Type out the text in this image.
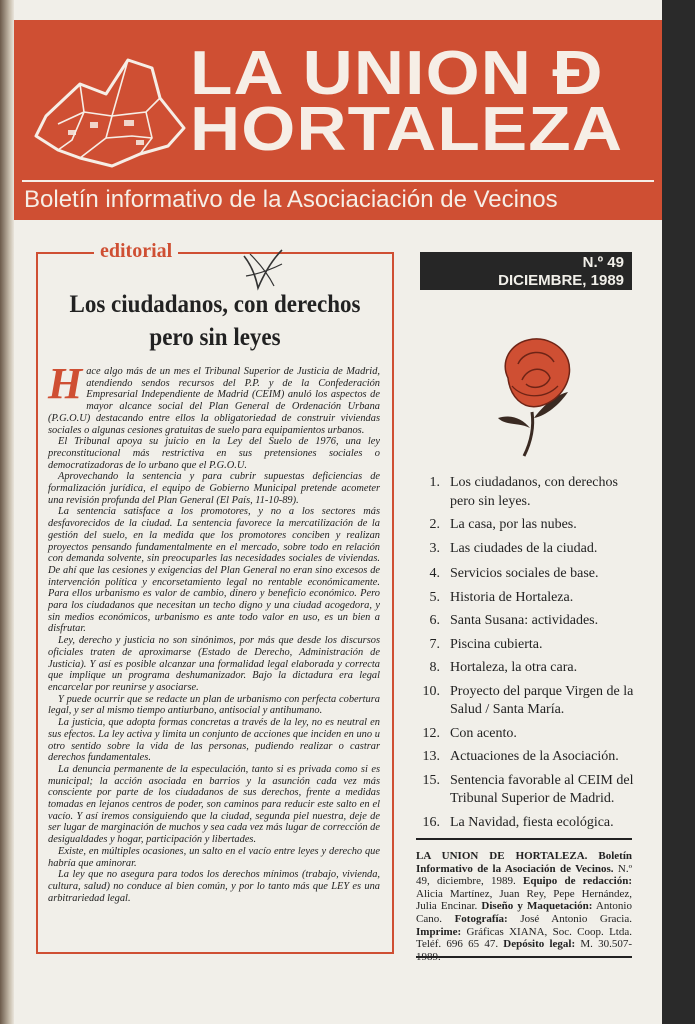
LA UNION Ð
HORTALEZA
Boletín informativo de la Asociaciación de Vecinos
editorial
Los ciudadanos, con derechos pero sin leyes

Hace algo más de un mes el Tribunal Superior de Justicia de Madrid, atendiendo sendos recursos del P.P. y de la Confederación Empresarial Independiente de Madrid (CEIM) anuló los aspectos de mayor alcance social del Plan General de Ordenación Urbana (P.G.O.U) destacando entre ellos la obligatoriedad de construir viviendas sociales o algunas cesiones gratuitas de suelo para equipamientos urbanos.

El Tribunal apoya su juicio en la Ley del Suelo de 1976, una ley preconstitucional más restrictiva en sus pretensiones sociales o democratizadoras de lo urbano que el P.G.O.U.

Aprovechando la sentencia y para cubrir supuestas deficiencias de formalización jurídica, el equipo de Gobierno Municipal pretende acometer una revisión profunda del Plan General (El País, 11-10-89).

La sentencia satisface a los promotores, y no a los sectores más desfavorecidos de la ciudad. La sentencia favorece la mercatilización de la gestión del suelo, en la medida que los promotores conciben y realizan proyectos pensando fundamentalmente en el mercado, sobre todo en relación con demanda solvente, sin preocuparles las necesidades sociales de viviendas. De ahí que las cesiones y exigencias del Plan General no eran sino excesos de intervención política y encorsetamiento legal no rentable económicamente. Para ellos urbanismo es valor de cambio, dinero y beneficio económico. Pero para los ciudadanos que necesitan un techo digno y una ciudad acogedora, y sin medios económicos, urbanismo es ante todo valor en uso, es un bien a disfrutar.

Ley, derecho y justicia no son sinónimos, por más que desde los discursos oficiales traten de aproximarse (Estado de Derecho, Administración de Justicia). Y así es posible alcanzar una formalidad legal elaborada y correcta que implique un programa deshumanizador. Bajo la dictadura era legal encarcelar por reunirse y asociarse.

Y puede ocurrir que se redacte un plan de urbanismo con perfecta cobertura legal, y ser al mismo tiempo antiurbano, antisocial y antihumano.

La justicia, que adopta formas concretas a través de la ley, no es neutral en sus efectos. La ley activa y limita un conjunto de acciones que inciden en uno u otro sentido sobre la vida de las personas, pudiendo realizar o castrar derechos fundamentales.

La denuncia permanente de la especulación, tanto si es privada como si es municipal; la acción asociada en barrios y la asunción cada vez más consciente por parte de los ciudadanos de sus derechos, frente a medidas tomadas en lejanos centros de poder, son caminos para reducir este salto en el vacío. Y así iremos consiguiendo que la ciudad, segunda piel nuestra, deje de ser lugar de marginación de muchos y sea cada vez más lugar de corrección de desigualdades y hogar, participación y libertades.

Existe, en múltiples ocasiones, un salto en el vacío entre leyes y derecho que habría que aminorar.

La ley que no asegura para todos los derechos mínimos (trabajo, vivienda, cultura, salud) no conduce al bien común, y por lo tanto más que LEY es una arbitrariedad legal.

N.º 49
DICIEMBRE, 1989
1. Los ciudadanos, con derechos pero sin leyes.
2. La casa, por las nubes.
3. Las ciudades de la ciudad.
4. Servicios sociales de base.
5. Historia de Hortaleza.
6. Santa Susana: actividades.
7. Piscina cubierta.
8. Hortaleza, la otra cara.
10. Proyecto del parque Virgen de la Salud / Santa María.
12. Con acento.
13. Actuaciones de la Asociación.
15. Sentencia favorable al CEIM del Tribunal Superior de Madrid.
16. La Navidad, fiesta ecológica.
LA UNION DE HORTALEZA. Boletín Informativo de la Asociación de Vecinos. N.º 49, diciembre, 1989. Equipo de redacción: Alicia Martínez, Juan Rey, Pepe Hernández, Julia Encinar. Diseño y Maquetación: Antonio Cano. Fotografía: José Antonio Gracia. Imprime: Gráficas XIANA, Soc. Coop. Ltda. Teléf. 696 65 47. Depósito legal: M. 30.507-
